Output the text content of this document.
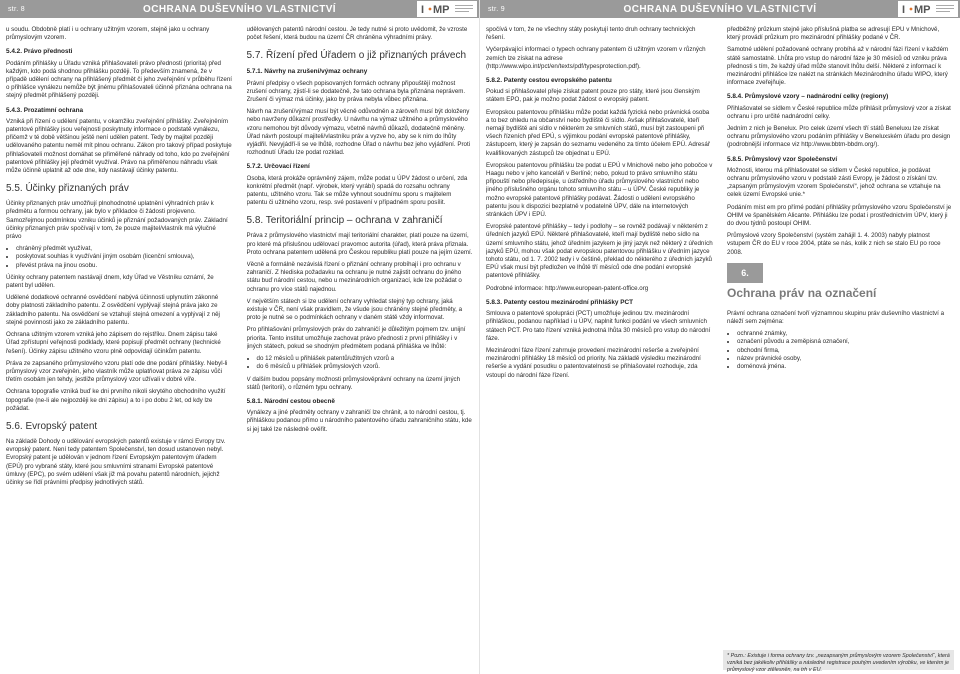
str. 8	OCHRANA DUŠEVNÍHO VLASTNICTVÍ	I MP

u soudu. Obdobně platí i u ochrany užitným vzorem, stejně jako u ochrany průmyslovým vzorem.

5.4.2. Právo přednosti

Podáním přihlášky u Úřadu vzniká přihlašovateli právo přednosti (priorita) před každým, kdo podá shodnou přihlášku později. To především znamená, že v případě udělení ochrany na přihlášený předmět či jeho zveřejnění v průběhu řízení o přihlášce vynálezu nemůže být jinému přihlašovateli účinně přiznána ochrana na stejný předmět přihlášený později.

5.4.3. Prozatímní ochrana

Vzniká při řízení o udělení patentu, v okamžiku zveřejnění přihlášky. Zveřejněním patentové přihlášky jsou veřejnosti poskytnuty informace o podstatě vynálezu, přičemž v té době většinou ještě není udělen patent. Tedy by majitel později udělovaného patentu neměl mít plnou ochranu. Zákon pro takový případ poskytuje přihlašovateli možnost domáhat se přiměřené náhrady od toho, kdo po zveřejnění patentové přihlášky její předmět využíval. Právo na přiměřenou náhradu však může účinně uplatnit až ode dne, kdy nastávají účinky patentu.

5.5. Účinky přiznaných práv

Účinky přiznaných práv umožňují plnohodnotné uplatnění výhradních práv k předmětu a formou ochrany, jak bylo v příkladce či žádosti projeveno. Samozřejmou podmínkou vzniku účinků je přiznání požadovaných práv. Základní účinky přiznaných práv spočívají v tom, že pouze majitel/vlastník má výlučné právo

• chráněný předmět využívat,
• poskytovat souhlas k využívání jiným osobám (licenční smlouva),
• převést práva na jinou osobu.

Účinky ochrany patentem nastávají dnem, kdy Úřad ve Věstníku oznámí, že patent byl udělen.

Udělené dodatkové ochranné osvědčení nabývá účinnosti uplynutím zákonné doby platnosti základního patentu. Z osvědčení vyplývají stejná práva jako ze základního patentu. Na osvědčení se vztahují stejná omezení a vyplývají z něj stejné povinnosti jako ze základního patentu.

Ochrana užitným vzorem vzniká jeho zápisem do rejstříku. Dnem zápisu také Úřad zpřístupní veřejnosti podklady, které popisují předmět ochrany (technické řešení). Účinky zápisu užitného vzoru plně odpovídají účinkům patentu.

Práva ze zapsaného průmyslového vzoru platí ode dne podání přihlášky. Nebyl-li průmyslový vzor zveřejněn, jeho vlastník může uplatňovat práva ze zápisu vůči třetím osobám jen tehdy, jestliže průmyslový vzor užívali v dobré víře.

Ochrana topografie vzniká buď ke dni prvního nikoli skrytého obchodního využití topografie (ne-li ale nejpozději ke dni zápisu) a to i po dobu 2 let, od kdy lze požádat.

5.6. Evropský patent

Na základě Dohody o udělování evropských patentů existuje v rámci Evropy tzv. evropský patent. Není tedy patentem Společenství, ten dosud ustanoven nebyl. Evropský patent je udělován v jednom řízení Evropským patentovým úřadem (EPÚ) pro vybrané státy, které jsou smluvními stranami Evropské patentové úmluvy (EPC), po svém udělení však již má povahu patentů národních, jejichž účinky se řídí právními předpisy jednotlivých států.

udělovaných patentů národní cestou. Je tedy nutné si proto uvědomit, že vzroste počet řešení, která budou na území ČR chráněna výhradními právy.

5.7. Řízení před Úřadem o již přiznaných právech
5.7.1. Návrhy na zrušení/výmaz ochrany

Právní předpisy o všech popisovaných formách ochrany připouštějí možnost zrušení ochrany, zjistí-li se dodatečně, že tato ochrana byla přiznána neprávem. Zrušení či výmaz má účinky, jako by práva nebyla vůbec přiznána.

Návrh na zrušení/výmaz musí být věcně odůvodněn a zároveň musí být doloženy nebo navrženy důkazní prostředky. U návrhu na výmaz užitného a průmyslového vzoru nemohou být důvody výmazu, včetně návrhů důkazů, dodatečně měněny. Úřad návrh postoupí majiteli/vlastníku práv a vyzve ho, aby se k nim do lhůty vyjádřil. Nevyjádří-li se ve lhůtě, rozhodne Úřad o návrhu bez jeho vyjádření. Proti rozhodnutí Úřadu lze podat rozklad.

5.7.2. Určovací řízení

Osoba, která prokáže oprávněný zájem, může podat u ÚPV žádost o určení, zda konkrétní předmět (např. výrobek, který vyrábí) spadá do rozsahu ochrany patentu, užitného vzoru. Tak se může vyhnout soudnímu sporu s majitelem patentu či užitného vzoru, resp. své postavení v případném sporu posílit.

5.8. Teritoriální princip – ochrana v zahraničí

Práva z průmyslového vlastnictví mají teritoriální charakter, platí pouze na území, pro které má přislušnou udělovací pravomoc autorita (úřad), která práva přiznala. Proto ochrana patentem udělená pro Českou republiku platí pouze na jejím území.

Věcně a formálně nezávislá řízení o přiznání ochrany probíhají i pro ochranu v zahraničí. Z hlediska požadavku na ochranu je nutné zajistit ochranu do jiného státu buď národní cestou, nebo u mezinárodních organizací, kde lze požádat o ochranu pro více států najednou.

V největším státech si lze udělení ochrany vyhledat stejný typ ochrany, jaká existuje v ČR, není však pravidlem, že všude jsou chráněny stejné předměty, a proto je nutné se o podmínkách ochrany v daném státě vždy informovat.

Pro přihlašování průmyslových práv do zahraničí je důležitým pojmem tzv. unijní priorita. Tento institut umožňuje zachovat právo přednosti z první přihlášky i v jiných státech, pokud se shodným předmětem podaná přihláška ve lhůtě:

• do 12 měsíců u přihlášek patentů/užitných vzorů a
• do 6 měsíců u přihlášek průmyslových vzorů.

V dalším budou popsány možnosti průmyslověprávní ochrany na území jiných států (teritorií), o různém typu ochrany.

5.8.1. Národní cestou obecně

Vynálezy a jiné předměty ochrany v zahraničí lze chránit, a to národní cestou, tj. přihláškou podanou přímo u národního patentového úřadu zahraničního státu, kde si jej také lze následně ověřit.

str. 9	OCHRANA DUŠEVNÍHO VLASTNICTVÍ	I MP

spočívá v tom, že ne všechny státy poskytují tento druh ochrany technických řešení.

Vyčerpávající informaci o typech ochrany patentem či užitným vzorem v různých zemích lze získat na adrese (http://www.wipo.int/pct/en/texts/pdf/typesprotection.pdf).

5.8.2. Patenty cestou evropského patentu

Pokud si přihlašovatel přeje získat patent pouze pro státy, které jsou členským státem EPO, pak je možno podat žádost o evropský patent.

Evropskou patentovou přihlášku může podat každá fyzická nebo právnická osoba a to bez ohledu na občanství nebo bydliště či sídlo. Avšak přihlašovatelé, kteří nemají bydliště ani sídlo v některém ze smluvních států, musí být zastoupeni při všech řízeních před EPÚ, s výjimkou podání evropské patentové přihlášky, zástupcem, který je zapsán do seznamu vedeného za tímto účelem EPÚ. Adresář kvalifikovaných zástupců lze objednat u EPÚ.

Evropskou patentovou přihlášku lze podat u EPÚ v Mnichově nebo jeho pobočce v Haagu nebo v jeho kanceláři v Berlíně; nebo, pokud to právo smluvního státu připouští nebo předepisuje, u ústředního úřadu průmyslového vlastnictví nebo jiného příslušného orgánu tohoto smluvního státu – u ÚPV. České republiky je možno evropské patentové přihlášky podávat. Žádosti o udělení evropského patentu jsou k dispozici bezplatně v podatelně ÚPV, dále na internetových stránkách ÚPV i EPÚ.

Evropské patentové přihlášky – tedy i podlohy – se rovněž podávají v některém z úředních jazyků EPÚ. Některé přihlašovatelé, kteří mají bydliště nebo sídlo na území smluvního státu, jehož úředním jazykem je jiný jazyk než některý z úředních jazyků EPÚ, mohou však podat evropskou patentovou přihlášku v úředním jazyce tohoto státu, od 1. 7. 2002 tedy i v češtině, překlad do některého z úředních jazyků EPÚ však musí být předložen ve lhůtě tří měsíců ode dne podání evropské patentové přihlášky.

Podrobné informace: http://www.european-patent-office.org

5.8.3. Patenty cestou mezinárodní přihlášky PCT

Smlouva o patentové spolupráci (PCT) umožňuje jedinou tzv. mezinárodní přihláškou, podanou například i u ÚPV, naplnit funkci podání ve všech smluvních státech PCT. Pro tato řízení vzniká jednotná lhůta 30 měsíců pro vstup do národní fáze.

Mezinárodní fáze řízení zahrnuje provedení mezinárodní rešerše a zveřejnění mezinárodní přihlášky 18 měsíců od priority. Na základě výsledku mezinárodní rešerše a vydání posudku o patentovatelnosti se přihlašovatel rozhoduje, zda vstoupí do národní fáze řízení.

předběžný průzkum stejně jako příslušná platba se adresují EPÚ v Mnichově, který provádí průzkum pro mezinárodní přihlášky podané v ČR.

Samotné udělení požadované ochrany probíhá až v národní fázi řízení v každém státě samostatně. Lhůta pro vstup do národní fáze je 30 měsíců od vzniku práva přednosti s tím, že každý úřad může stanovit lhůtu delší. Některé z informací k mezinárodní přihlášce lze nalézt na stránkách Mezinárodního úřadu WIPO, který informace zveřejňuje.

5.8.4. Průmyslové vzory – nadnárodní celky (regiony)

Přihlašovatel se sídlem v České republice může přihlásit průmyslový vzor a získat ochranu i pro určité nadnárodní celky.

Jedním z nich je Benelux. Pro celek území všech tří států Beneluxu lze získat ochranu průmyslového vzoru podáním přihlášky v Beneluxském úřadu pro design (podrobnější informace viz http://www.bbtm-bbdm.org/).

5.8.5. Průmyslový vzor Společenství

Možnosti, kterou má přihlašovatel se sídlem v České republice, je podávat ochranu průmyslového vzoru v podstatě zásti Evropy, je žádost o získání tzv. „zapsaným průmyslovým vzorem Společenství“, jehož ochrana se vztahuje na celek území Evropské unie.*

Podáním míst em pro přímé podání přihlášky průmyslového vzoru Společenství je OHIM ve španělském Alicante. Přihlášku lze podat i prostřednictvím ÚPV, který ji do dvou týdnů postoupí OHIM.

Průmyslové vzory Společenství (systém zahájil 1. 4. 2003) nabyly platnost vstupem ČR do EU v roce 2004, ptáte se nás, kolik z nich se stalo EU po roce 2008.

6.
Ochrana práv na označení

Právní ochrana označení tvoří významnou skupinu práv duševního vlastnictví a náleží sem zejména:

• ochranné známky,
• označení původu a zeměpisná označení,
• obchodní firma,
• název právnické osoby,
• doménová jména.
* Pozn.: Existuje i forma ochrany tzv. „nezapsaným průmyslovým vzorem Společenství“, která vzniká bez jakékoliv přihlášky a následné registrace pouhým uvedením výrobku, ve kterém je průmyslový vzor ztělesněn, na trh v EU.
